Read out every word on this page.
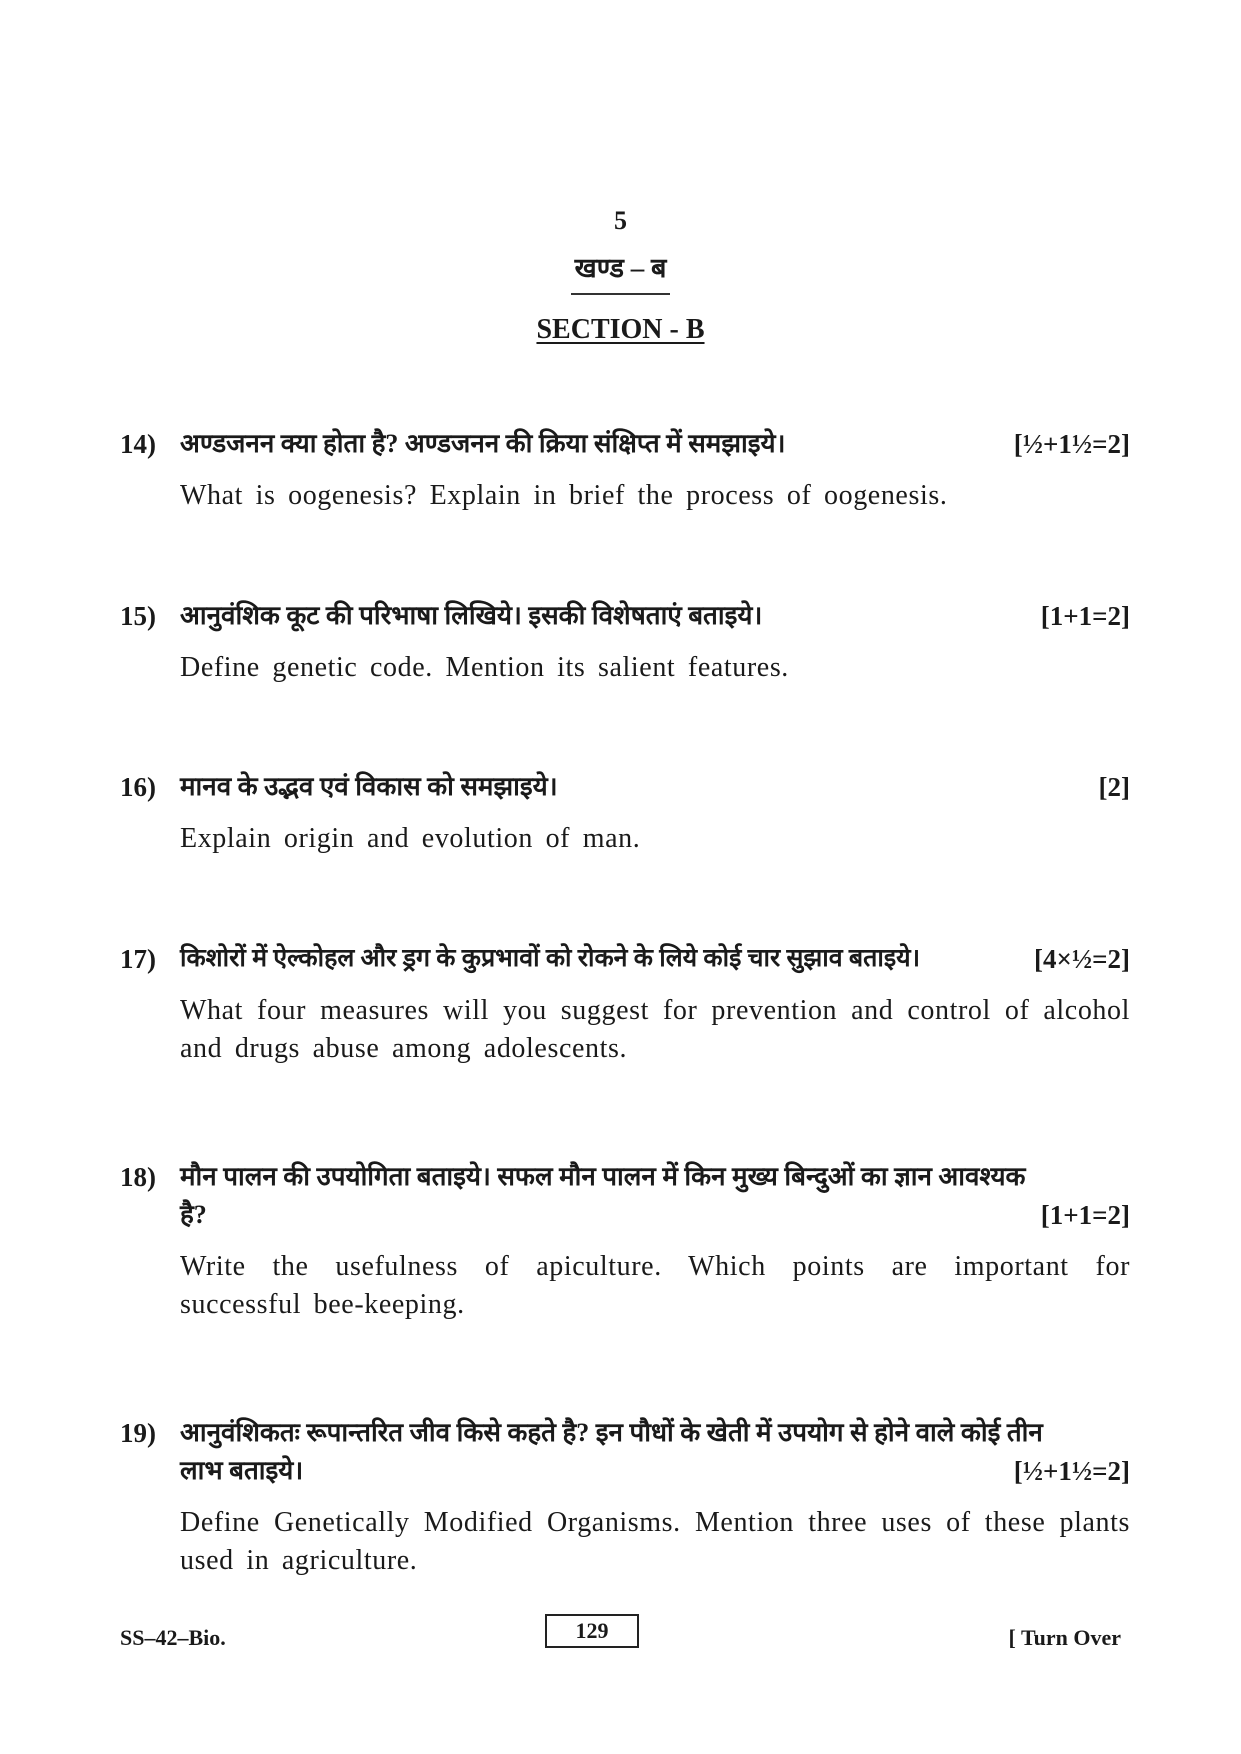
5
खण्ड – ब
SECTION - B
14) अण्डजनन क्या होता है? अण्डजनन की क्रिया संक्षिप्त में समझाइये।	[½+1½=2]
What is oogenesis? Explain in brief the process of oogenesis.
15) आनुवंशिक कूट की परिभाषा लिखिये। इसकी विशेषताएं बताइये।	[1+1=2]
Define genetic code. Mention its salient features.
16) मानव के उद्भव एवं विकास को समझाइये।	[2]
Explain origin and evolution of man.
17) किशोरों में ऐल्कोहल और ड्रग के कुप्रभावों को रोकने के लिये कोई चार सुझाव बताइये।	[4×½=2]
What four measures will you suggest for prevention and control of alcohol and drugs abuse among adolescents.
18) मौन पालन की उपयोगिता बताइये। सफल मौन पालन में किन मुख्य बिन्दुओं का ज्ञान आवश्यक
है?	[1+1=2]
Write the usefulness of apiculture. Which points are important for successful bee-keeping.
19) आनुवंशिकतः रूपान्तरित जीव किसे कहते है? इन पौधों के खेती में उपयोग से होने वाले कोई तीन
लाभ बताइये।	[½+1½=2]
Define Genetically Modified Organisms. Mention three uses of these plants used in agriculture.
SS–42–Bio.	129	[ Turn Over
